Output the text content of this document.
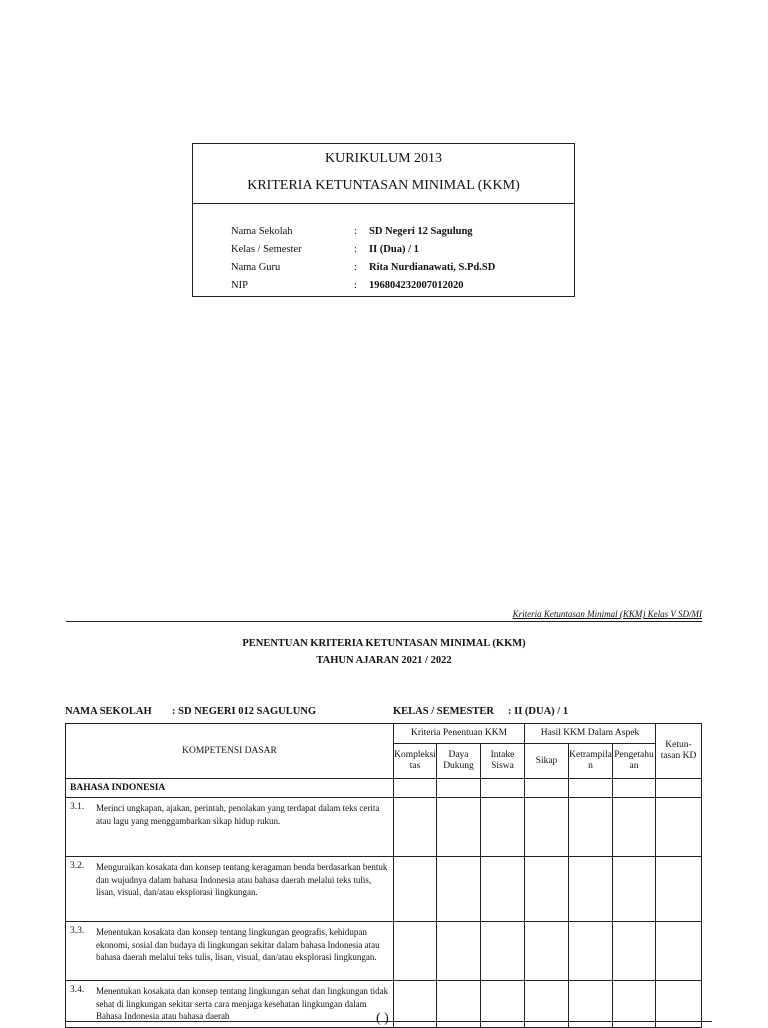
KURIKULUM 2013
KRITERIA KETUNTASAN MINIMAL (KKM)
Nama Sekolah	: SD Negeri 12 Sagulung
Kelas / Semester	: II (Dua) / 1
Nama Guru	: Rita Nurdianawati, S.Pd.SD
NIP	: 196804232007012020
Kriteria Ketuntasan Minimal (KKM) Kelas V SD/MI
PENENTUAN KRITERIA KETUNTASAN MINIMAL (KKM)
TAHUN AJARAN 2021 / 2022
NAMA SEKOLAH : SD NEGERI 012 SAGULUNG	KELAS / SEMESTER : II (DUA) / 1
KOMPETENSI DASAR	Kriteria Penentuan KKM			Hasil KKM Dalam Aspek			Ketun-tasan KD
	Kompleksitas	Daya Dukung	Intake Siswa	Sikap	Ketrampilan	Pengetahuan	
BAHASA INDONESIA							

3.1. Merinci ungkapan, ajakan, perintah, penolakan yang terdapat dalam teks cerita atau lagu yang menggambarkan sikap hidup rukun.							

3.2. Menguraikan kosakata dan konsep tentang keragaman benda berdasarkan bentuk dan wujudnya dalam bahasa Indonesia atau bahasa daerah melalui teks tulis, lisan, visual, dan/atau eksplorasi lingkungan.							

3.3. Menentukan kosakata dan konsep tentang lingkungan geografis, kehidupan ekonomi, sosial dan budaya di lingkungan sekitar dalam bahasa Indonesia atau bahasa daerah melalui teks tulis, lisan, visual, dan/atau eksplorasi lingkungan.							

3.4. Menentukan kosakata dan konsep tentang lingkungan sehat dan lingkungan tidak sehat di lingkungan sekitar serta cara menjaga kesehatan lingkungan dalam Bahasa Indonesia atau bahasa daerah							
								( )
